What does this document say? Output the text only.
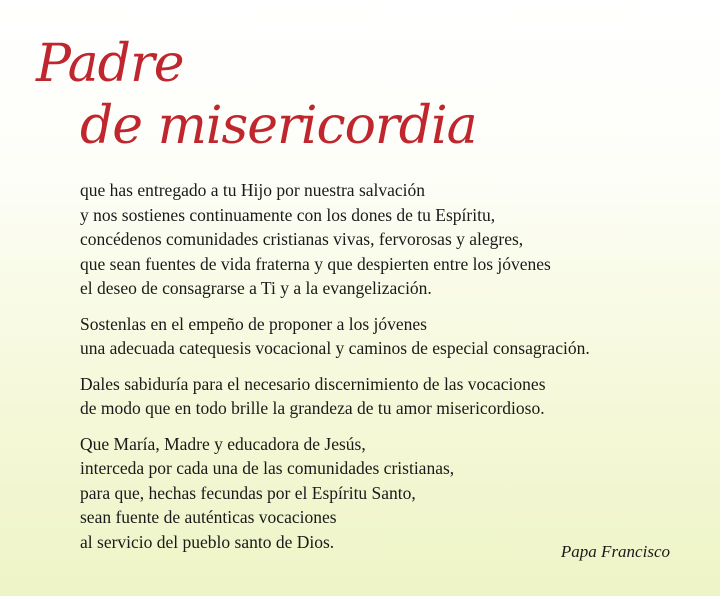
Padre
de misericordia

que has entregado a tu Hijo por nuestra salvación
y nos sostienes continuamente con los dones de tu Espíritu,
concédenos comunidades cristianas vivas, fervorosas y alegres,
que sean fuentes de vida fraterna y que despierten entre los jóvenes
el deseo de consagrarse a Ti y a la evangelización.

Sostenlas en el empeño de proponer a los jóvenes
una adecuada catequesis vocacional y caminos de especial consagración.

Dales sabiduría para el necesario discernimiento de las vocaciones
de modo que en todo brille la grandeza de tu amor misericordioso.

Que María, Madre y educadora de Jesús,
interceda por cada una de las comunidades cristianas,
para que, hechas fecundas por el Espíritu Santo,
sean fuente de auténticas vocaciones
al servicio del pueblo santo de Dios.	Papa Francisco
